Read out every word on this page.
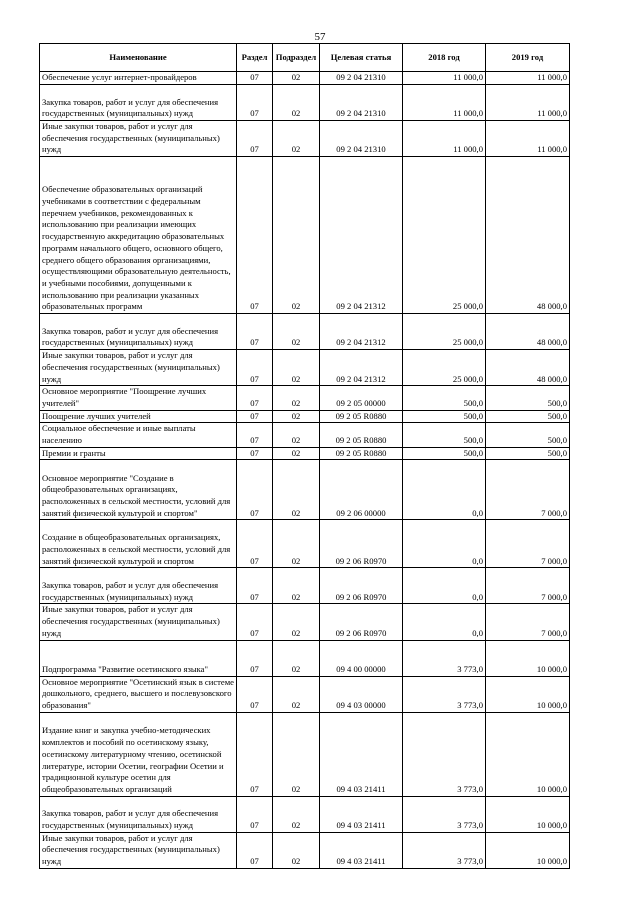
57
Наименование	Раздел	Подраздел	Целевая статья	2018 год	2019 год
Обеспечение услуг интернет-провайдеров	07	02	09 2 04 21310	11 000,0	11 000,0
Закупка товаров, работ и услуг для обеспечения государственных (муниципальных) нужд	07	02	09 2 04 21310	11 000,0	11 000,0
Иные закупки товаров, работ и услуг для обеспечения государственных (муниципальных) нужд	07	02	09 2 04 21310	11 000,0	11 000,0
Обеспечение образовательных организаций учебниками в соответствии с федеральным перечнем учебников, рекомендованных к использованию при реализации имеющих государственную аккредитацию образовательных программ начального общего, основного общего, среднего общего образования организациями, осуществляющими образовательную деятельность, и учебными пособиями, допущенными к использованию при реализации указанных образовательных программ	07	02	09 2 04 21312	25 000,0	48 000,0
Закупка товаров, работ и услуг для обеспечения государственных (муниципальных) нужд	07	02	09 2 04 21312	25 000,0	48 000,0
Иные закупки товаров, работ и услуг для обеспечения государственных (муниципальных) нужд	07	02	09 2 04 21312	25 000,0	48 000,0
Основное мероприятие "Поощрение лучших учителей"	07	02	09 2 05 00000	500,0	500,0
Поощрение лучших учителей	07	02	09 2 05 R0880	500,0	500,0
Социальное обеспечение и иные выплаты населению	07	02	09 2 05 R0880	500,0	500,0
Премии и гранты	07	02	09 2 05 R0880	500,0	500,0
Основное мероприятие "Создание в общеобразовательных организациях, расположенных в сельской местности, условий для занятий физической культурой и спортом"	07	02	09 2 06 00000	0,0	7 000,0
Создание в общеобразовательных организациях, расположенных в сельской местности, условий для занятий физической культурой и спортом	07	02	09 2 06 R0970	0,0	7 000,0
Закупка товаров, работ и услуг для обеспечения государственных (муниципальных) нужд	07	02	09 2 06 R0970	0,0	7 000,0
Иные закупки товаров, работ и услуг для обеспечения государственных (муниципальных) нужд	07	02	09 2 06 R0970	0,0	7 000,0
Подпрограмма "Развитие осетинского языка"	07	02	09 4 00 00000	3 773,0	10 000,0
Основное мероприятие "Осетинский язык в системе дошкольного, среднего, высшего и послевузовского образования"	07	02	09 4 03 00000	3 773,0	10 000,0
Издание книг и закупка учебно-методических комплектов и пособий по осетинскому языку, осетинскому литературному чтению, осетинской литературе, истории Осетии, географии Осетии и традиционной культуре осетин для общеобразовательных организаций	07	02	09 4 03 21411	3 773,0	10 000,0
Закупка товаров, работ и услуг для обеспечения государственных (муниципальных) нужд	07	02	09 4 03 21411	3 773,0	10 000,0
Иные закупки товаров, работ и услуг для обеспечения государственных (муниципальных) нужд	07	02	09 4 03 21411	3 773,0	10 000,0
